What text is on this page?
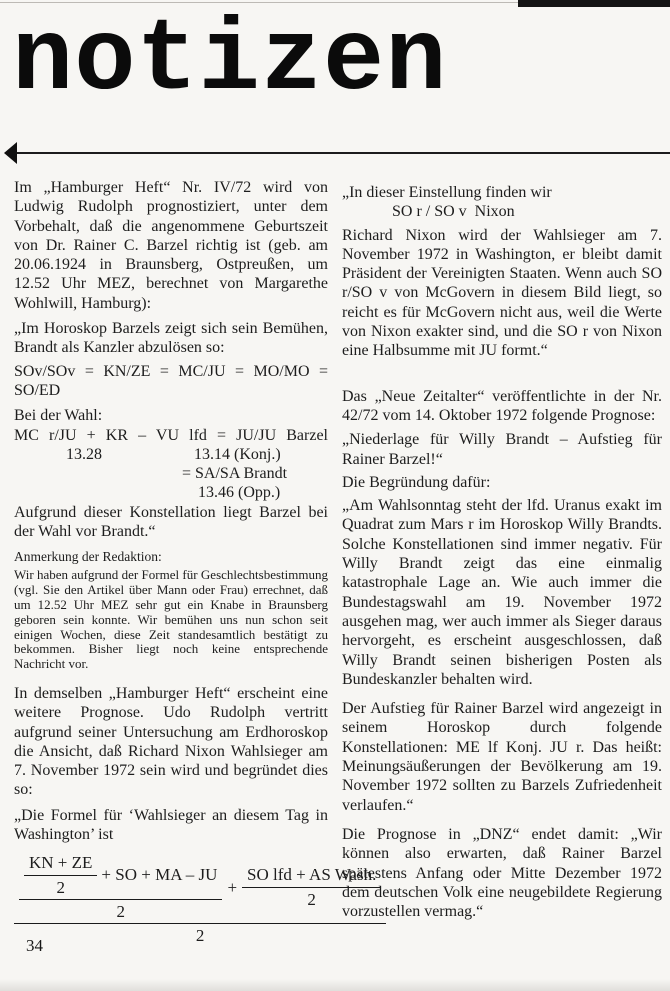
notizen

Im „Hamburger Heft“ Nr. IV/72 wird von Ludwig Rudolph prognostiziert, unter dem Vorbehalt, daß die angenommene Geburtszeit von Dr. Rainer C. Barzel richtig ist (geb. am 20.06.1924 in Braunsberg, Ostpreußen, um 12.52 Uhr MEZ, berechnet von Margarethe Wohlwill, Hamburg):

„Im Horoskop Barzels zeigt sich sein Bemühen, Brandt als Kanzler abzulösen so:

SOv/SOv = KN/ZE = MC/JU = MO/MO =

SO/ED

Bei der Wahl:

MC r/JU + KR – VU lfd = JU/JU Barzel
13.28	13.14 (Konj.)
= SA/SA Brandt
13.46 (Opp.)

Aufgrund dieser Konstellation liegt Barzel bei der Wahl vor Brandt.“

Anmerkung der Redaktion:

Wir haben aufgrund der Formel für Geschlechtsbestimmung (vgl. Sie den Artikel über Mann oder Frau) errechnet, daß um 12.52 Uhr MEZ sehr gut ein Knabe in Braunsberg geboren sein konnte. Wir bemühen uns nun schon seit einigen Wochen, diese Zeit standesamtlich bestätigt zu bekommen. Bisher liegt noch keine entsprechende Nachricht vor.

In demselben „Hamburger Heft“ erscheint eine weitere Prognose. Udo Rudolph vertritt aufgrund seiner Untersuchung am Erdhoroskop die Ansicht, daß Richard Nixon Wahlsieger am 7. November 1972 sein wird und begründet dies so:

„Die Formel für ‘Wahlsieger an diesem Tag in Washington’ ist

$\frac{\frac{KN + ZE}{2} + SO + MA - JU}{2} + \frac{\text{SO lfd + AS Wash.}}{2}$
2

„In dieser Einstellung finden wir

SO r / SO v  Nixon

Richard Nixon wird der Wahlsieger am 7. November 1972 in Washington, er bleibt damit Präsident der Vereinigten Staaten. Wenn auch SO r/SO v von McGovern in diesem Bild liegt, so reicht es für McGovern nicht aus, weil die Werte von Nixon exakter sind, und die SO r von Nixon eine Halbsumme mit JU formt.“

Das „Neue Zeitalter“ veröffentlichte in der Nr. 42/72 vom 14. Oktober 1972 folgende Prognose:

„Niederlage für Willy Brandt – Aufstieg für Rainer Barzel!“

Die Begründung dafür:

„Am Wahlsonntag steht der lfd. Uranus exakt im Quadrat zum Mars r im Horoskop Willy Brandts. Solche Konstellationen sind immer negativ. Für Willy Brandt zeigt das eine einmalig katastrophale Lage an. Wie auch immer die Bundestagswahl am 19. November 1972 ausgehen mag, wer auch immer als Sieger daraus hervorgeht, es erscheint ausgeschlossen, daß Willy Brandt seinen bisherigen Posten als Bundeskanzler behalten wird.

Der Aufstieg für Rainer Barzel wird angezeigt in seinem Horoskop durch folgende Konstellationen: ME lf Konj. JU r. Das heißt: Meinungsäußerungen der Bevölkerung am 19. November 1972 sollten zu Barzels Zufriedenheit verlaufen.“

Die Prognose in „DNZ“ endet damit: „Wir können also erwarten, daß Rainer Barzel spätestens Anfang oder Mitte Dezember 1972 dem deutschen Volk eine neugebildete Regierung vorzustellen vermag.“

34
